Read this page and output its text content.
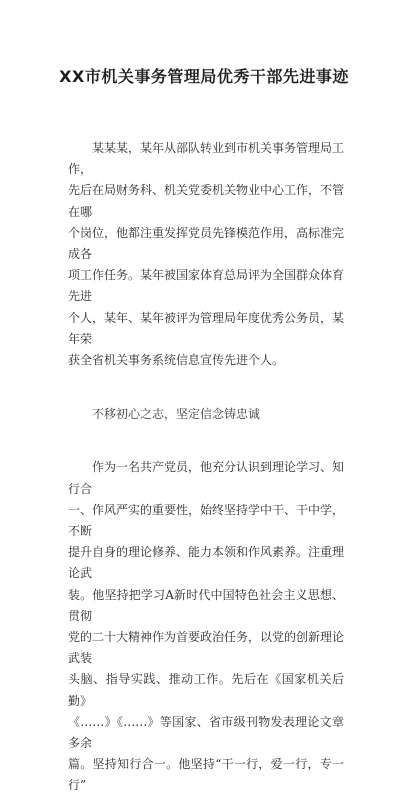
XX市机关事务管理局优秀干部先进事迹

某某某，某年从部队转业到市机关事务管理局工作，
先后在局财务科、机关党委机关物业中心工作，不管在哪
个岗位，他都注重发挥党员先锋模范作用，高标准完成各
项工作任务。某年被国家体育总局评为全国群众体育先进
个人，某年、某年被评为管理局年度优秀公务员，某年荣
获全省机关事务系统信息宣传先进个人。

不移初心之志，坚定信念铸忠诚

作为一名共产党员，他充分认识到理论学习、知行合
一、作风严实的重要性，始终坚持学中干、干中学，不断
提升自身的理论修养、能力本领和作风素养。注重理论武
装。他坚持把学习A新时代中国特色社会主义思想、贯彻
党的二十大精神作为首要政治任务，以党的创新理论武装
头脑、指导实践、推动工作。先后在《国家机关后勤》
《……》《……》等国家、省市级刊物发表理论文章多余
篇。坚持知行合一。他坚持“干一行，爱一行，专一行”
